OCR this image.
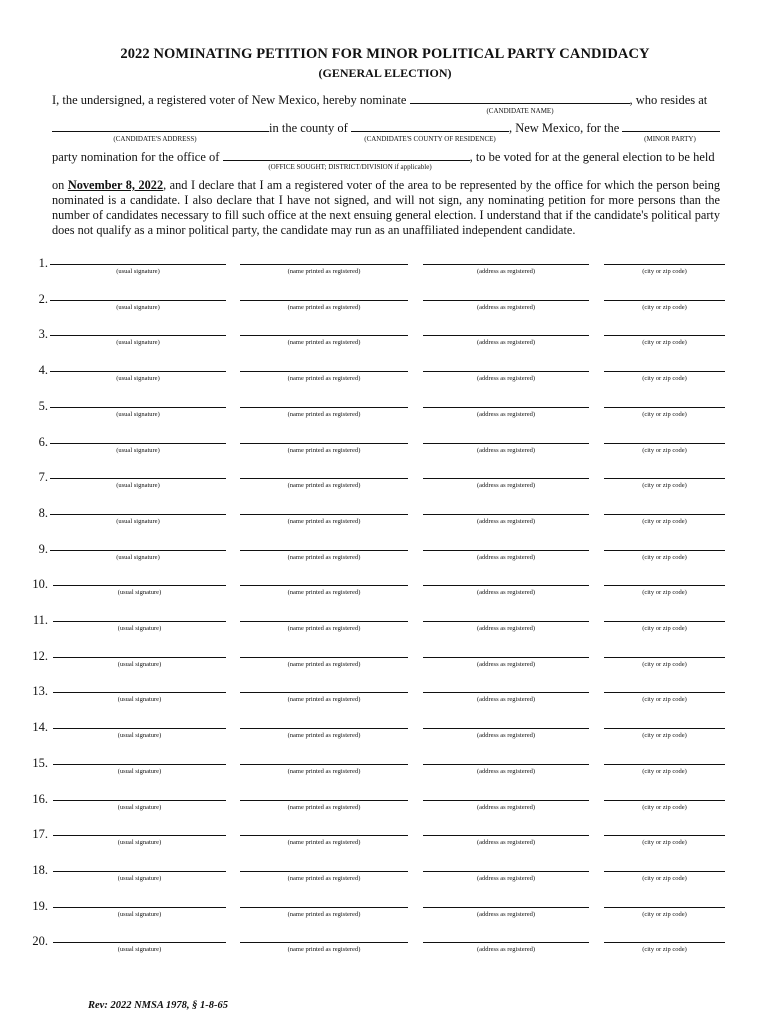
2022 NOMINATING PETITION FOR MINOR POLITICAL PARTY CANDIDACY
(GENERAL ELECTION)
I, the undersigned, a registered voter of New Mexico, hereby nominate	, who resides at
(CANDIDATE NAME)
in the county of	, New Mexico, for the
(CANDIDATE'S ADDRESS)	(CANDIDATE'S COUNTY OF RESIDENCE)	(MINOR PARTY)
party nomination for the office of	, to be voted for at the general election to be held
(OFFICE SOUGHT; DISTRICT/DIVISION if applicable)
on November 8, 2022, and I declare that I am a registered voter of the area to be represented by the office for which the person being nominated is a candidate. I also declare that I have not signed, and will not sign, any nominating petition for more persons than the number of candidates necessary to fill such office at the next ensuing general election. I understand that if the candidate's political party does not qualify as a minor political party, the candidate may run as an unaffiliated independent candidate.
1.
(usual signature)	(name printed as registered)	(address as registered)	(city or zip code)
2.
(usual signature)	(name printed as registered)	(address as registered)	(city or zip code)
3.
(usual signature)	(name printed as registered)	(address as registered)	(city or zip code)
4.
(usual signature)	(name printed as registered)	(address as registered)	(city or zip code)
5.
(usual signature)	(name printed as registered)	(address as registered)	(city or zip code)
6.
(usual signature)	(name printed as registered)	(address as registered)	(city or zip code)
7.
(usual signature)	(name printed as registered)	(address as registered)	(city or zip code)
8.
(usual signature)	(name printed as registered)	(address as registered)	(city or zip code)
9.
(usual signature)	(name printed as registered)	(address as registered)	(city or zip code)
10.
(usual signature)	(name printed as registered)	(address as registered)	(city or zip code)
11.
(usual signature)	(name printed as registered)	(address as registered)	(city or zip code)
12.
(usual signature)	(name printed as registered)	(address as registered)	(city or zip code)
13.
(usual signature)	(name printed as registered)	(address as registered)	(city or zip code)
14.
(usual signature)	(name printed as registered)	(address as registered)	(city or zip code)
15.
(usual signature)	(name printed as registered)	(address as registered)	(city or zip code)
16.
(usual signature)	(name printed as registered)	(address as registered)	(city or zip code)
17.
(usual signature)	(name printed as registered)	(address as registered)	(city or zip code)
18.
(usual signature)	(name printed as registered)	(address as registered)	(city or zip code)
19.
(usual signature)	(name printed as registered)	(address as registered)	(city or zip code)
20.
(usual signature)	(name printed as registered)	(address as registered)	(city or zip code)
Rev: 2022 NMSA 1978, § 1-8-65
